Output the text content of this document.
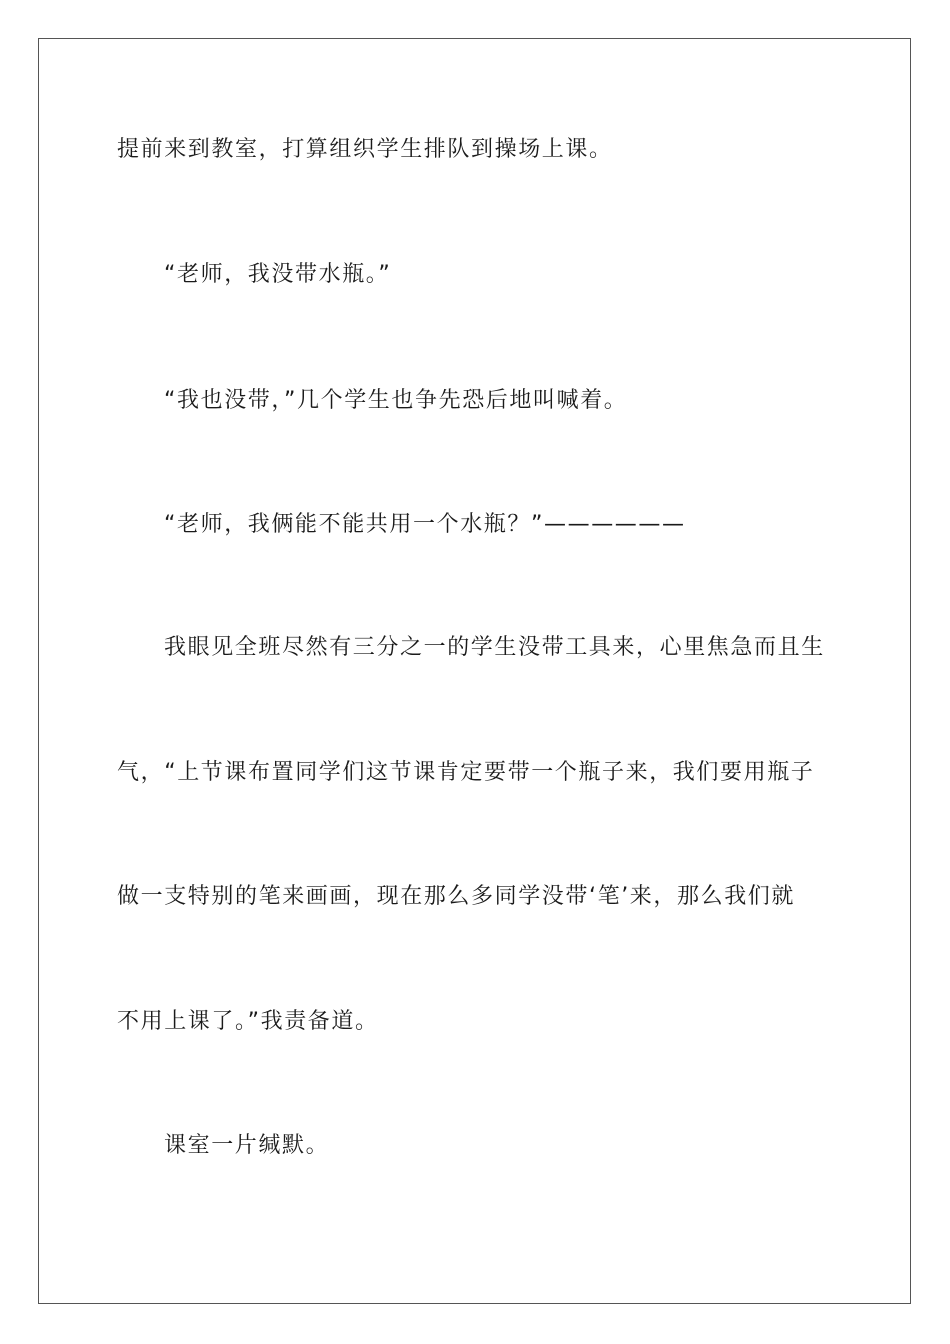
提前来到教室，打算组织学生排队到操场上课。
“老师，我没带水瓶。”
“我也没带，”几个学生也争先恐后地叫喊着。
“老师，我俩能不能共用一个水瓶？”——————
我眼见全班尽然有三分之一的学生没带工具来，心里焦急而且生
气，“上节课布置同学们这节课肯定要带一个瓶子来，我们要用瓶子
做一支特别的笔来画画，现在那么多同学没带‘笔’来，那么我们就
不用上课了。”我责备道。
课室一片缄默。
